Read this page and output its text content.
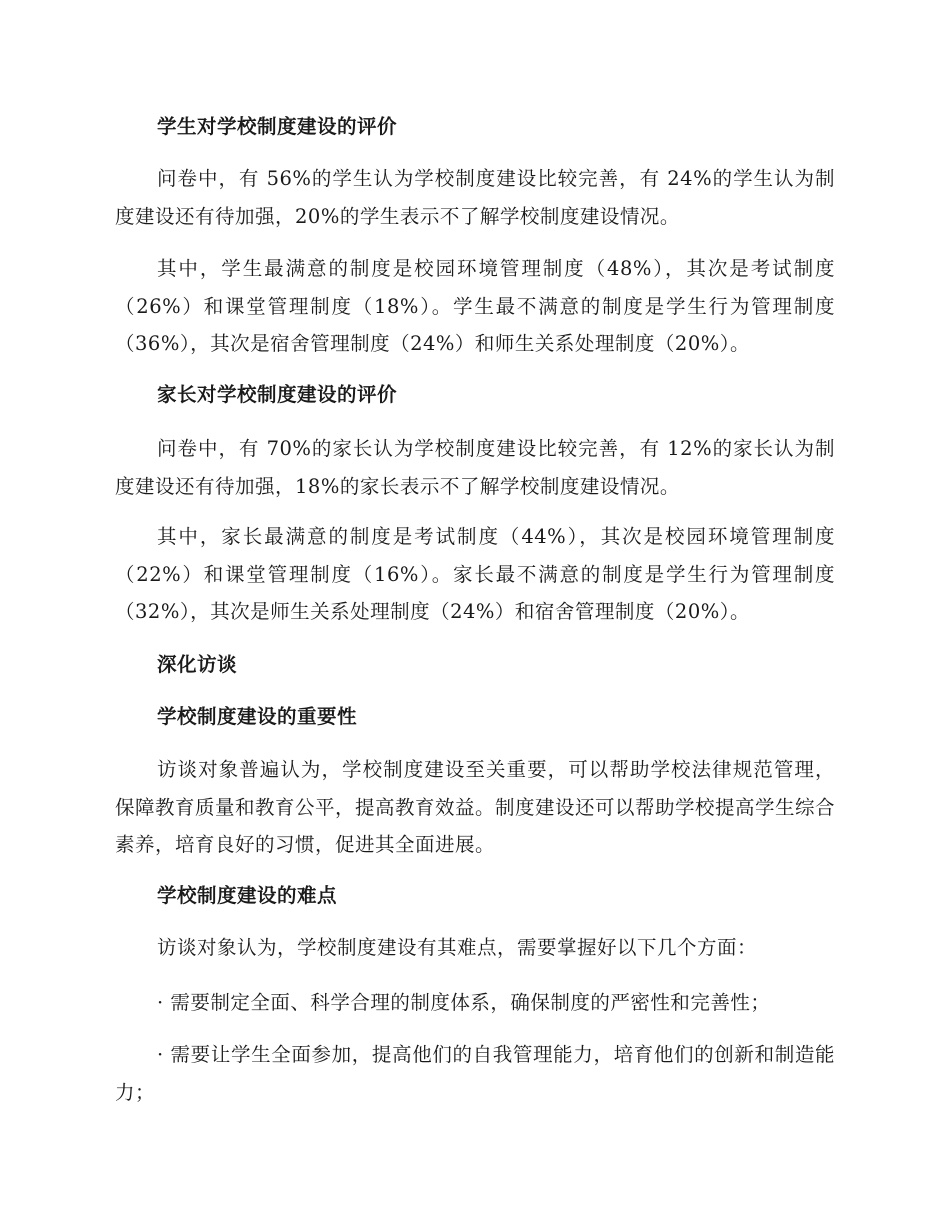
学生对学校制度建设的评价

问卷中，有 56%的学生认为学校制度建设比较完善，有 24%的学生认为制度建设还有待加强，20%的学生表示不了解学校制度建设情况。

其中，学生最满意的制度是校园环境管理制度（48%），其次是考试制度（26%）和课堂管理制度（18%）。学生最不满意的制度是学生行为管理制度（36%），其次是宿舍管理制度（24%）和师生关系处理制度（20%）。

家长对学校制度建设的评价

问卷中，有 70%的家长认为学校制度建设比较完善，有 12%的家长认为制度建设还有待加强，18%的家长表示不了解学校制度建设情况。

其中，家长最满意的制度是考试制度（44%），其次是校园环境管理制度（22%）和课堂管理制度（16%）。家长最不满意的制度是学生行为管理制度（32%），其次是师生关系处理制度（24%）和宿舍管理制度（20%）。

深化访谈
学校制度建设的重要性

访谈对象普遍认为，学校制度建设至关重要，可以帮助学校法律规范管理，保障教育质量和教育公平，提高教育效益。制度建设还可以帮助学校提高学生综合素养，培育良好的习惯，促进其全面进展。

学校制度建设的难点

访谈对象认为，学校制度建设有其难点，需要掌握好以下几个方面：

· 需要制定全面、科学合理的制度体系，确保制度的严密性和完善性；

· 需要让学生全面参加，提高他们的自我管理能力，培育他们的创新和制造能力；
